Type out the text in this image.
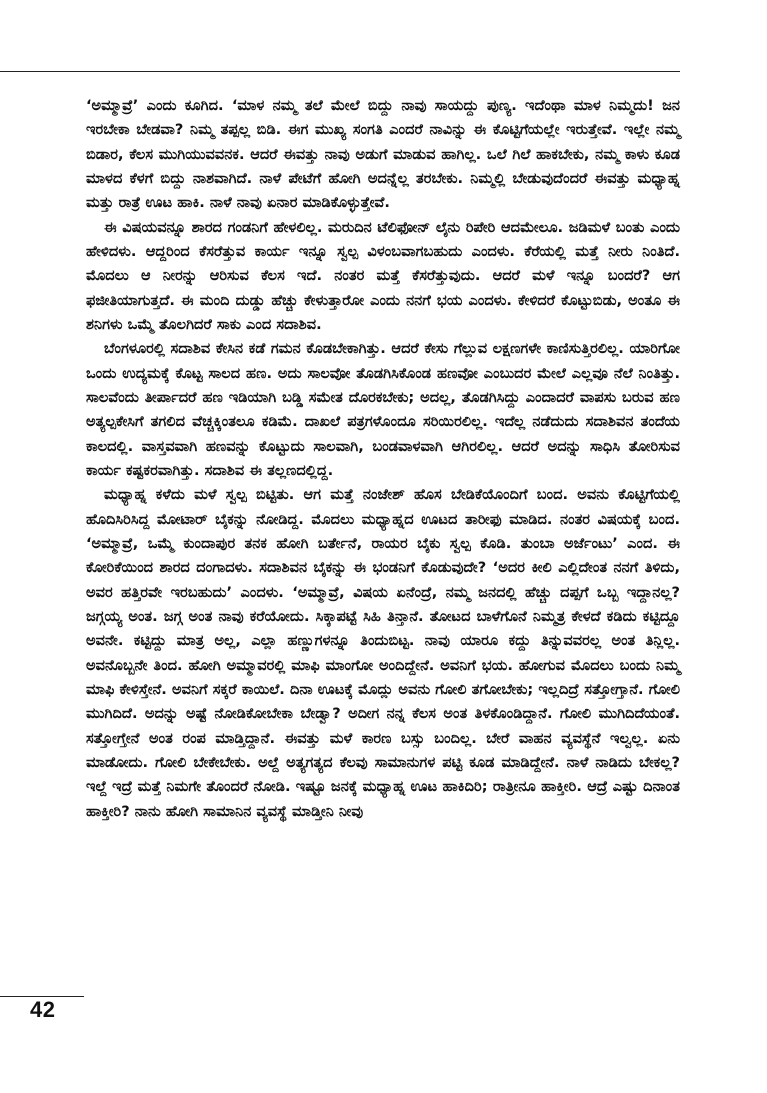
‘ಅಮ್ಮಾವ್ರೆ’ ಎಂದು ಕೂಗಿದ. ‘ಮಾಳ ನಮ್ಮ ತಲೆ ಮೇಲೆ ಬಿದ್ದು ನಾವು ಸಾಯದ್ದು ಪುಣ್ಯ. ಇದೆಂಥಾ ಮಾಳ ನಿಮ್ಮದು! ಜನ ಇರಬೇಕಾ ಬೇಡವಾ? ನಿಮ್ಮ ತಪ್ಪಲ್ಲ ಬಿಡಿ. ಈಗ ಮುಖ್ಯ ಸಂಗತಿ ಎಂದರೆ ನಾವಿನ್ನು ಈ ಕೊಟ್ಟಿಗೆಯಲ್ಲೇ ಇರುತ್ತೇವೆ. ಇಲ್ಲೇ ನಮ್ಮ ಬಿಡಾರ, ಕೆಲಸ ಮುಗಿಯುವವನಕ. ಆದರೆ ಈವತ್ತು ನಾವು ಅಡುಗೆ ಮಾಡುವ ಹಾಗಿಲ್ಲ. ಒಲೆ ಗಿಲೆ ಹಾಕಬೇಕು, ನಮ್ಮ ಕಾಳು ಕೂಡ ಮಾಳದ ಕೆಳಗೆ ಬಿದ್ದು ನಾಶವಾಗಿದೆ. ನಾಳೆ ಪೇಟೆಗೆ ಹೋಗಿ ಅದನ್ನೆಲ್ಲ ತರಬೇಕು. ನಿಮ್ಮಲ್ಲಿ ಬೇಡುವುದೆಂದರೆ ಈವತ್ತು ಮಧ್ಯಾಹ್ನ ಮತ್ತು ರಾತ್ರೆ ಊಟ ಹಾಕಿ. ನಾಳೆ ನಾವು ಏನಾರ ಮಾಡಿಕೊಳ್ಳುತ್ತೇವೆ.

ಈ ವಿಷಯವನ್ನೂ ಶಾರದ ಗಂಡನಿಗೆ ಹೇಳಲಿಲ್ಲ. ಮರುದಿನ ಟೆಲಿಫೋನ್ ಲೈನು ರಿಪೇರಿ ಆದಮೇಲೂ. ಜಡಿಮಳೆ ಬಂತು ಎಂದು ಹೇಳಿದಳು. ಆದ್ದರಿಂದ ಕೆಸರೆತ್ತುವ ಕಾರ್ಯ ಇನ್ನೂ ಸ್ವಲ್ಪ ವಿಳಂಬವಾಗಬಹುದು ಎಂದಳು. ಕೆರೆಯಲ್ಲಿ ಮತ್ತೆ ನೀರು ನಿಂತಿದೆ. ಮೊದಲು ಆ ನೀರನ್ನು ಆರಿಸುವ ಕೆಲಸ ಇದೆ. ನಂತರ ಮತ್ತೆ ಕೆಸರೆತ್ತುವುದು. ಆದರೆ ಮಳೆ ಇನ್ನೂ ಬಂದರೆ? ಆಗ ಫಜೀತಿಯಾಗುತ್ತದೆ. ಈ ಮಂದಿ ದುಡ್ಡು ಹೆಚ್ಚು ಕೇಳುತ್ತಾರೋ ಎಂದು ನನಗೆ ಭಯ ಎಂದಳು. ಕೇಳಿದರೆ ಕೊಟ್ಟುಬಿಡು, ಅಂತೂ ಈ ಶನಿಗಳು ಒಮ್ಮೆ ತೊಲಗಿದರೆ ಸಾಕು ಎಂದ ಸದಾಶಿವ.

ಬೆಂಗಳೂರಲ್ಲಿ ಸದಾಶಿವ ಕೇಸಿನ ಕಡೆ ಗಮನ ಕೊಡಬೇಕಾಗಿತ್ತು. ಆದರೆ ಕೇಸು ಗೆಲ್ಲುವ ಲಕ್ಷಣಗಳೇ ಕಾಣಿಸುತ್ತಿರಲಿಲ್ಲ. ಯಾರಿಗೋ ಒಂದು ಉದ್ಯಮಕ್ಕೆ ಕೊಟ್ಟ ಸಾಲದ ಹಣ. ಅದು ಸಾಲವೋ ತೊಡಗಿಸಿಕೊಂಡ ಹಣವೋ ಎಂಬುದರ ಮೇಲೆ ಎಲ್ಲವೂ ನೆಲೆ ನಿಂತಿತ್ತು. ಸಾಲವೆಂದು ತೀರ್ಪಾದರೆ ಹಣ ಇಡಿಯಾಗಿ ಬಡ್ಡಿ ಸಮೇತ ದೊರಕಬೇಕು; ಅದಲ್ಲ, ತೊಡಗಿಸಿದ್ದು ಎಂದಾದರೆ ವಾಪಸು ಬರುವ ಹಣ ಅತ್ಯಲ್ಪಕೇಸಿಗೆ ತಗಲಿದ ವೆಚ್ಚಕ್ಕಿಂತಲೂ ಕಡಿಮೆ. ದಾಖಲೆ ಪತ್ರಗಳೊಂದೂ ಸರಿಯಿರಲಿಲ್ಲ. ಇದೆಲ್ಲ ನಡೆದುದು ಸದಾಶಿವನ ತಂದೆಯ ಕಾಲದಲ್ಲಿ. ವಾಸ್ತವವಾಗಿ ಹಣವನ್ನು ಕೊಟ್ಟುದು ಸಾಲವಾಗಿ, ಬಂಡವಾಳವಾಗಿ ಆಗಿರಲಿಲ್ಲ. ಆದರೆ ಅದನ್ನು ಸಾಧಿಸಿ ತೋರಿಸುವ ಕಾರ್ಯ ಕಷ್ಟಕರವಾಗಿತ್ತು. ಸದಾಶಿವ ಈ ತಲ್ಲಣದಲ್ಲಿದ್ದ.

ಮಧ್ಯಾಹ್ನ ಕಳೆದು ಮಳೆ ಸ್ವಲ್ಪ ಬಿಟ್ಟಿತು. ಆಗ ಮತ್ತೆ ನಂಜೇಶ್ ಹೊಸ ಬೇಡಿಕೆಯೊಂದಿಗೆ ಬಂದ. ಅವನು ಕೊಟ್ಟಿಗೆಯಲ್ಲಿ ಹೊದಿಸಿರಿಸಿದ್ದ ಮೋಟಾರ್ ಬೈಕನ್ನು ನೋಡಿದ್ದ. ಮೊದಲು ಮಧ್ಯಾಹ್ನದ ಊಟದ ತಾರೀಫು ಮಾಡಿದ. ನಂತರ ವಿಷಯಕ್ಕೆ ಬಂದ. ‘ಅಮ್ಮಾವ್ರೆ, ಒಮ್ಮೆ ಕುಂದಾಪುರ ತನಕ ಹೋಗಿ ಬರ್ತೇನೆ, ರಾಯರ ಬೈಕು ಸ್ವಲ್ಪ ಕೊಡಿ. ತುಂಬಾ ಅರ್ಜೆಂಟು’ ಎಂದ. ಈ ಕೋರಿಕೆಯಿಂದ ಶಾರದ ದಂಗಾದಳು. ಸದಾಶಿವನ ಬೈಕನ್ನು ಈ ಭಂಡನಿಗೆ ಕೊಡುವುದೇ? ‘ಅದರ ಕೀಲಿ ಎಲ್ಲಿದೇಂತ ನನಗೆ ತಿಳಿದು, ಅವರ ಹತ್ತಿರವೇ ಇರಬಹುದು’ ಎಂದಳು. ‘ಅಮ್ಮಾವ್ರೆ, ವಿಷಯ ಏನೆಂದ್ರೆ, ನಮ್ಮ ಜನದಲ್ಲಿ ಹೆಚ್ಚು ದಪ್ಪಗೆ ಒಬ್ಬ ಇದ್ದಾನಲ್ಲ? ಜಗ್ಗಯ್ಯ ಅಂತ. ಜಗ್ಗ ಅಂತ ನಾವು ಕರೆಯೋದು. ಸಿಕ್ಕಾಪಟ್ಟೆ ಸಿಹಿ ತಿನ್ತಾನೆ. ತೋಟದ ಬಾಳೆಗೊನೆ ನಿಮ್ಮತ್ರ ಕೇಳದೆ ಕಡಿದು ಕಟ್ಟಿದ್ದೂ ಅವನೇ. ಕಟ್ಟಿದ್ದು ಮಾತ್ರ ಅಲ್ಲ, ಎಲ್ಲಾ ಹಣ್ಣುಗಳನ್ನೂ ತಿಂದುಬಿಟ್ಟ. ನಾವು ಯಾರೂ ಕದ್ದು ತಿನ್ನುವವರಲ್ಲ ಅಂತ ತಿನ್ಲಿಲ್ಲ. ಅವನೊಬ್ಬನೇ ತಿಂದ. ಹೋಗಿ ಅಮ್ಮಾವರಲ್ಲಿ ಮಾಫಿ ಮಾಂಗೋ ಅಂದಿದ್ದೇನೆ. ಅವನಿಗೆ ಭಯ. ಹೋಗುವ ಮೊದಲು ಬಂದು ನಿಮ್ಮ ಮಾಫಿ ಕೇಳಿಸ್ತೇನೆ. ಅವನಿಗೆ ಸಕ್ಕರೆ ಕಾಯಿಲೆ. ದಿನಾ ಊಟಕ್ಕೆ ಮೊದ್ಲು ಅವನು ಗೋಲಿ ತಗೋಬೇಕು; ಇಲ್ಲದಿದ್ರೆ ಸತ್ತೋಗ್ತಾನೆ. ಗೋಲಿ ಮುಗಿದಿದೆ. ಅದನ್ನು ಅಷ್ಟೆ ನೋಡಿಕೋಬೇಕಾ ಬೇಡ್ವಾ? ಅದೀಗ ನನ್ನ ಕೆಲಸ ಅಂತ ತಿಳಕೊಂಡಿದ್ದಾನೆ. ಗೋಲಿ ಮುಗಿದಿದೆಯಂತೆ. ಸತ್ತೋಗ್ತೇನೆ ಅಂತ ರಂಪ ಮಾಡ್ತಿದ್ದಾನೆ. ಈವತ್ತು ಮಳೆ ಕಾರಣ ಬಸ್ಸು ಬಂದಿಲ್ಲ. ಬೇರೆ ವಾಹನ ವ್ಯವಸ್ಥೆನೆ ಇಲ್ವಲ್ಲ. ಏನು ಮಾಡೋದು. ಗೋಲಿ ಬೇಕೇಬೇಕು. ಅಲ್ದೆ ಅತ್ಯಗತ್ಯದ ಕೆಲವು ಸಾಮಾನುಗಳ ಪಟ್ಟಿ ಕೂಡ ಮಾಡಿದ್ದೇನೆ. ನಾಳೆ ನಾಡಿದು ಬೇಕಲ್ಲ? ಇಲ್ದೆ ಇದ್ರೆ ಮತ್ತೆ ನಿಮಗೇ ತೊಂದರೆ ನೋಡಿ. ಇಷ್ಟೂ ಜನಕ್ಕೆ ಮಧ್ಯಾಹ್ನ ಊಟ ಹಾಕಿದಿರಿ; ರಾತ್ರೀನೂ ಹಾಕ್ತೀರಿ. ಆದ್ರೆ ಎಷ್ಟು ದಿನಾಂತ ಹಾಕ್ತೀರಿ? ನಾನು ಹೋಗಿ ಸಾಮಾನಿನ ವ್ಯವಸ್ಥೆ ಮಾಡ್ತೀನಿ ನೀವು

42
